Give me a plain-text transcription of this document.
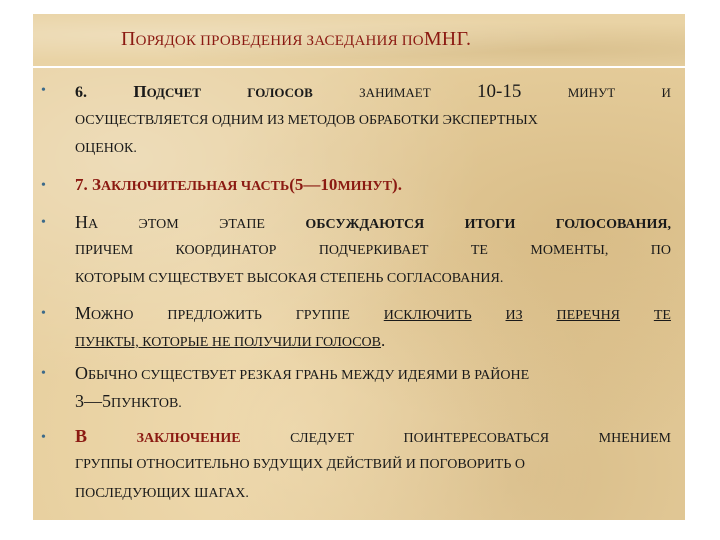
ПОРЯДОК ПРОВЕДЕНИЯ ЗАСЕДАНИЯ ПОМНГ.
• 6.	ПОДСЧЕТ	ГОЛОСОВ	ЗАНИМАЕТ 10-15	МИНУТ	И
ОСУЩЕСТВЛЯЕТСЯ ОДНИМ ИЗ МЕТОДОВ ОБРАБОТКИ ЭКСПЕРТНЫХ
ОЦЕНОК.
• 7. З АКЛЮЧИТЕЛЬНАЯ ЧАСТЬ (5—10 МИНУТ ).
• НА	ЭТОМ	ЭТАПЕ	ОБСУЖДАЮТСЯ	ИТОГИ	ГОЛОСОВАНИЯ,
ПРИЧЕМ	КООРДИНАТОР	ПОДЧЕРКИВАЕТ	ТЕ	МОМЕНТЫ,	ПО
КОТОРЫМ СУЩЕСТВУЕТ ВЫСОКАЯ СТЕПЕНЬ СОГЛАСОВАНИЯ.
• МОЖНО ПРЕДЛОЖИТЬ ГРУППЕ ИСКЛЮЧИТЬ ИЗ ПЕРЕЧНЯ ТЕ
ПУНКТЫ, КОТОРЫЕ НЕ ПОЛУЧИЛИ ГОЛОСОВ .
• О БЫЧНО СУЩЕСТВУЕТ РЕЗКАЯ ГРАНЬ МЕЖДУ ИДЕЯМИ В РАЙОНЕ
3—5 ПУНКТОВ.
• В	ЗАКЛЮЧЕНИЕ	СЛЕДУЕТ	ПОИНТЕРЕСОВАТЬСЯ	МНЕНИЕМ
ГРУППЫ ОТНОСИТЕЛЬНО БУДУЩИХ ДЕЙСТВИЙ И ПОГОВОРИТЬ О
ПОСЛЕДУЮЩИХ ШАГАХ.
